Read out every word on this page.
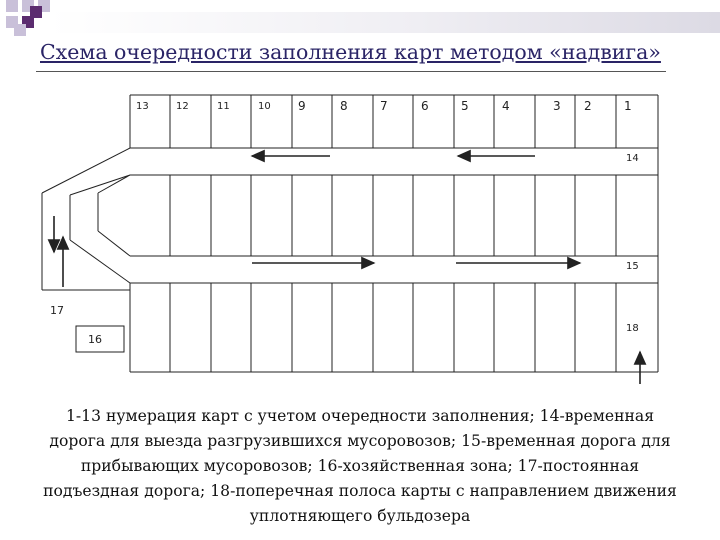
Схема очередности заполнения карт методом «надвига»
13	12	11	10 9	8	7	6	5	4	3 2	1
14
15
17
18
16
1-13 нумерация карт с учетом очередности заполнения; 14-временная дорога для выезда разгрузившихся мусоровозов; 15-временная дорога для прибывающих мусоровозов; 16-хозяйственная зона; 17-постоянная подъездная дорога; 18-поперечная полоса карты с направлением движения уплотняющего бульдозера
